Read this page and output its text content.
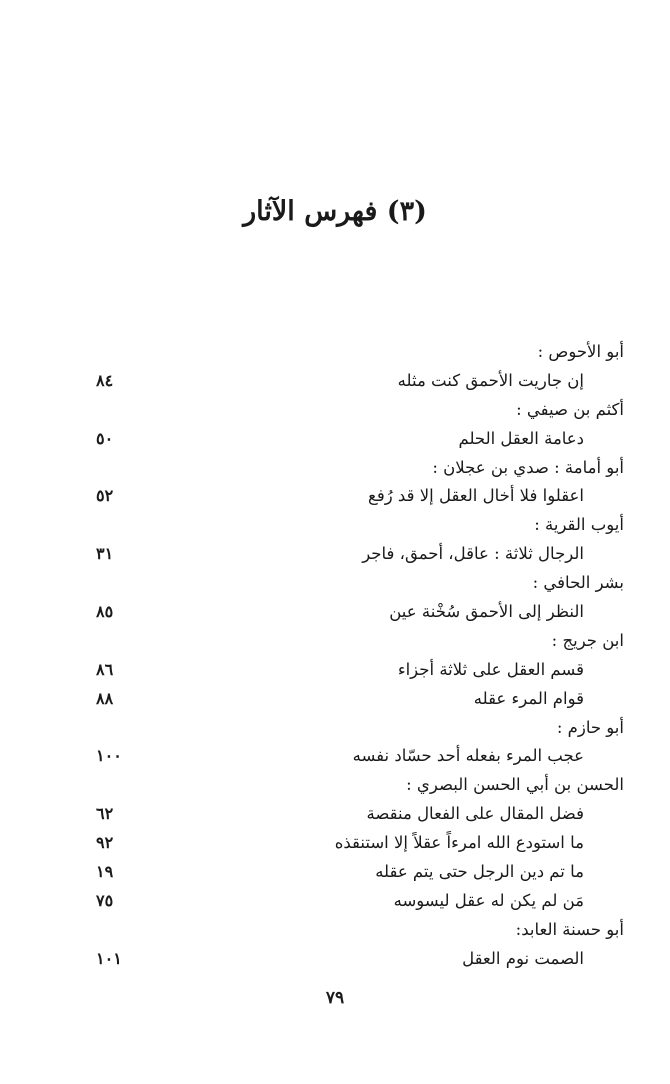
(٣) فهرس الآثار
أبو الأحوص :
إن جاريت الأحمق كنت مثله
٨٤
أكثم بن صيفي :
دعامة العقل الحلم
٥٠
أبو أمامة : صدي بن عجلان :
اعقلوا فلا أخال العقل إلا قد رُفع
٥٢
أيوب القرية :
الرجال ثلاثة : عاقل، أحمق، فاجر
٣١
بشر الحافي :
النظر إلى الأحمق سُخْنة عين
٨٥
ابن جريج :
قسم العقل على ثلاثة أجزاء
٨٦
قوام المرء عقله
٨٨
أبو حازم :
عجب المرء بفعله أحد حسّاد نفسه
١٠٠
الحسن بن أبي الحسن البصري :
فضل المقال على الفعال منقصة
٦٢
ما استودع الله امرءاً عقلاً إلا استنقذه
٩٢
ما تم دين الرجل حتى يتم عقله
١٩
مَن لم يكن له عقل ليسوسه
٧٥
أبو حسنة العابد:
الصمت نوم العقل
١٠١
٧٩
